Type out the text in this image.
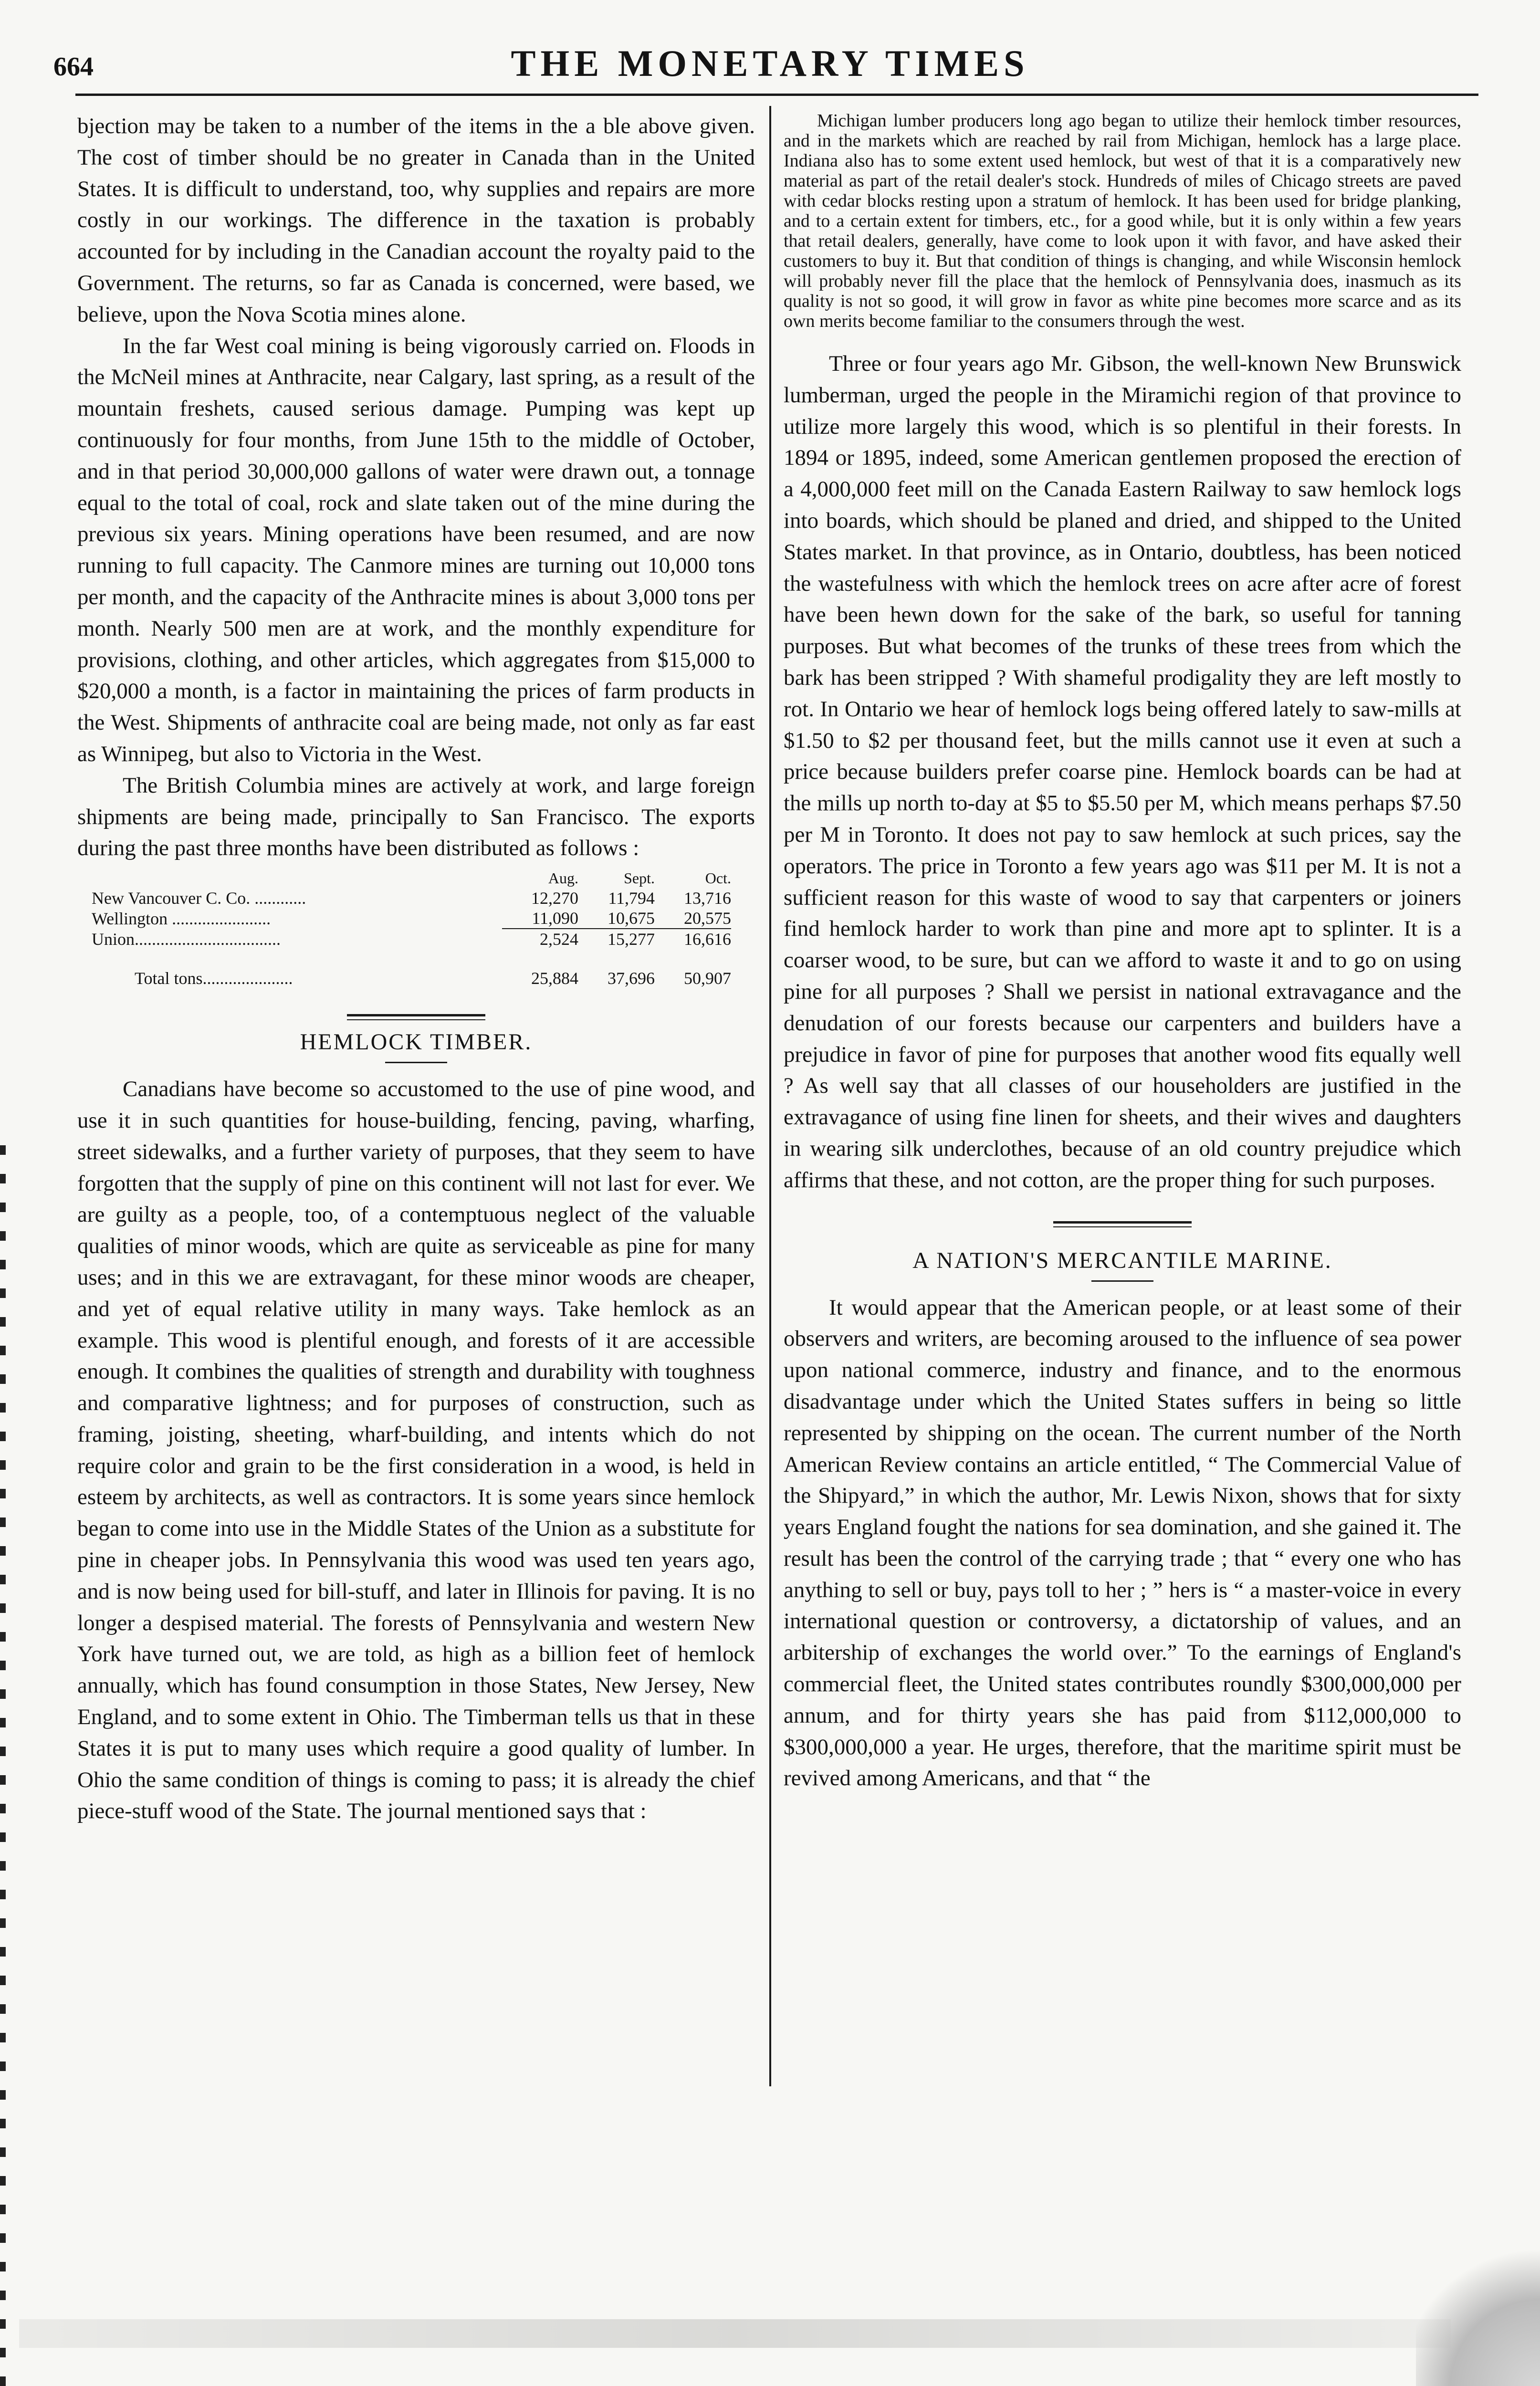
664	THE MONETARY TIMES

bjection may be taken to a number of the items in the a ble above given. The cost of timber should be no greater in Canada than in the United States. It is difficult to understand, too, why supplies and repairs are more costly in our workings. The difference in the taxation is probably accounted for by including in the Canadian account the royalty paid to the Government. The returns, so far as Canada is concerned, were based, we believe, upon the Nova Scotia mines alone.

In the far West coal mining is being vigorously carried on. Floods in the McNeil mines at Anthracite, near Calgary, last spring, as a result of the mountain freshets, caused serious damage. Pumping was kept up continuously for four months, from June 15th to the middle of October, and in that period 30,000,000 gallons of water were drawn out, a tonnage equal to the total of coal, rock and slate taken out of the mine during the previous six years. Mining operations have been resumed, and are now running to full capacity. The Canmore mines are turning out 10,000 tons per month, and the capacity of the Anthracite mines is about 3,000 tons per month. Nearly 500 men are at work, and the monthly expenditure for provisions, clothing, and other articles, which aggregates from $15,000 to $20,000 a month, is a factor in maintaining the prices of farm products in the West. Shipments of anthracite coal are being made, not only as far east as Winnipeg, but also to Victoria in the West.

The British Columbia mines are actively at work, and large foreign shipments are being made, principally to San Francisco. The exports during the past three months have been distributed as follows :

	Aug.	Sept.	Oct.
New Vancouver C. Co. ............	12,270	11,794	13,716
Wellington .......................	11,090	10,675	20,575
Union..................................	2,524	15,277	16,616
Total tons.....................	25,884	37,696	50,907
HEMLOCK TIMBER.

Canadians have become so accustomed to the use of pine wood, and use it in such quantities for house-building, fencing, paving, wharfing, street sidewalks, and a further variety of purposes, that they seem to have forgotten that the supply of pine on this continent will not last for ever. We are guilty as a people, too, of a contemptuous neglect of the valuable qualities of minor woods, which are quite as serviceable as pine for many uses; and in this we are extravagant, for these minor woods are cheaper, and yet of equal relative utility in many ways. Take hemlock as an example. This wood is plentiful enough, and forests of it are accessible enough. It combines the qualities of strength and durability with toughness and comparative lightness; and for purposes of construction, such as framing, joisting, sheeting, wharf-building, and intents which do not require color and grain to be the first consideration in a wood, is held in esteem by architects, as well as contractors. It is some years since hemlock began to come into use in the Middle States of the Union as a substitute for pine in cheaper jobs. In Pennsylvania this wood was used ten years ago, and is now being used for bill-stuff, and later in Illinois for paving. It is no longer a despised material. The forests of Pennsylvania and western New York have turned out, we are told, as high as a billion feet of hemlock annually, which has found consumption in those States, New Jersey, New England, and to some extent in Ohio. The Timberman tells us that in these States it is put to many uses which require a good quality of lumber. In Ohio the same condition of things is coming to pass; it is already the chief piece-stuff wood of the State. The journal mentioned says that :

Michigan lumber producers long ago began to utilize their hemlock timber resources, and in the markets which are reached by rail from Michigan, hemlock has a large place. Indiana also has to some extent used hemlock, but west of that it is a comparatively new material as part of the retail dealer's stock. Hundreds of miles of Chicago streets are paved with cedar blocks resting upon a stratum of hemlock. It has been used for bridge planking, and to a certain extent for timbers, etc., for a good while, but it is only within a few years that retail dealers, generally, have come to look upon it with favor, and have asked their customers to buy it. But that condition of things is changing, and while Wisconsin hemlock will probably never fill the place that the hemlock of Pennsylvania does, inasmuch as its quality is not so good, it will grow in favor as white pine becomes more scarce and as its own merits become familiar to the consumers through the west.

Three or four years ago Mr. Gibson, the well-known New Brunswick lumberman, urged the people in the Miramichi region of that province to utilize more largely this wood, which is so plentiful in their forests. In 1894 or 1895, indeed, some American gentlemen proposed the erection of a 4,000,000 feet mill on the Canada Eastern Railway to saw hemlock logs into boards, which should be planed and dried, and shipped to the United States market. In that province, as in Ontario, doubtless, has been noticed the wastefulness with which the hemlock trees on acre after acre of forest have been hewn down for the sake of the bark, so useful for tanning purposes. But what becomes of the trunks of these trees from which the bark has been stripped ? With shameful prodigality they are left mostly to rot. In Ontario we hear of hemlock logs being offered lately to saw-mills at $1.50 to $2 per thousand feet, but the mills cannot use it even at such a price because builders prefer coarse pine. Hemlock boards can be had at the mills up north to-day at $5 to $5.50 per M, which means perhaps $7.50 per M in Toronto. It does not pay to saw hemlock at such prices, say the operators. The price in Toronto a few years ago was $11 per M. It is not a sufficient reason for this waste of wood to say that carpenters or joiners find hemlock harder to work than pine and more apt to splinter. It is a coarser wood, to be sure, but can we afford to waste it and to go on using pine for all purposes ? Shall we persist in national extravagance and the denudation of our forests because our carpenters and builders have a prejudice in favor of pine for purposes that another wood fits equally well ? As well say that all classes of our householders are justified in the extravagance of using fine linen for sheets, and their wives and daughters in wearing silk underclothes, because of an old country prejudice which affirms that these, and not cotton, are the proper thing for such purposes.

A NATION'S MERCANTILE MARINE.

It would appear that the American people, or at least some of their observers and writers, are becoming aroused to the influence of sea power upon national commerce, industry and finance, and to the enormous disadvantage under which the United States suffers in being so little represented by shipping on the ocean. The current number of the North American Review contains an article entitled, “ The Commercial Value of the Shipyard,” in which the author, Mr. Lewis Nixon, shows that for sixty years England fought the nations for sea domination, and she gained it. The result has been the control of the carrying trade ; that “ every one who has anything to sell or buy, pays toll to her ; ” hers is “ a master-voice in every international question or controversy, a dictatorship of values, and an arbitership of exchanges the world over.” To the earnings of England's commercial fleet, the United states contributes roundly $300,000,000 per annum, and for thirty years she has paid from $112,000,000 to $300,000,000 a year. He urges, therefore, that the maritime spirit must be revived among Americans, and that “ the
